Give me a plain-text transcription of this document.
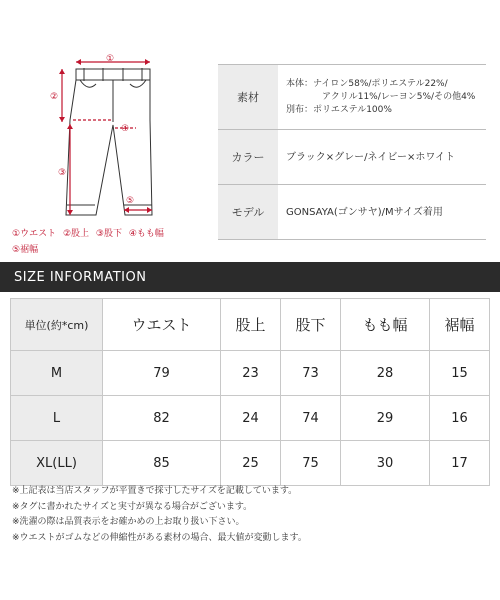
①
②
③
④
⑤
①ウエスト ②股上 ③股下 ④もも幅
⑤裾幅
素材
本体：ナイロン58%/ポリエステル22%/
アクリル11%/レーヨン5%/その他4%
別布：ポリエステル100%
カラー	ブラック×グレー/ネイビー×ホワイト
モデル	GONSAYA(ゴンサヤ)/Mサイズ着用
SIZE INFORMATION
単位(約*cm)	ウエスト	股上	股下	もも幅	裾幅
M	79	23	73	28	15
L	82	24	74	29	16
XL(LL)	85	25	75	30	17
※上記表は当店スタッフが平置きで採寸したサイズを記載しています。
※タグに書かれたサイズと実寸が異なる場合がございます。
※洗濯の際は品質表示をお確かめの上お取り扱い下さい。
※ウエストがゴムなどの伸縮性がある素材の場合、最大値が変動します。
